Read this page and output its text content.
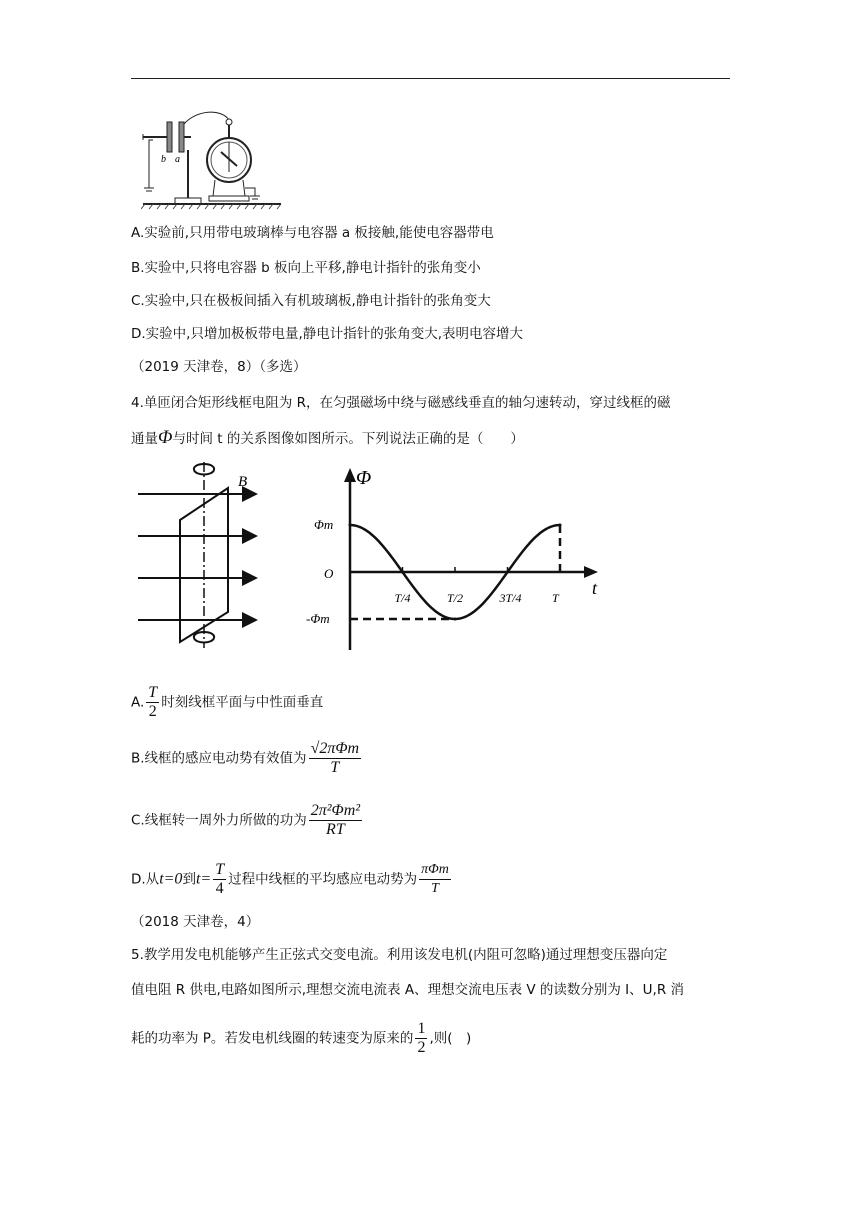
b a
A.实验前,只用带电玻璃棒与电容器 a 板接触,能使电容器带电
B.实验中,只将电容器 b 板向上平移,静电计指针的张角变小
C.实验中,只在极板间插入有机玻璃板,静电计指针的张角变大
D.实验中,只增加极板带电量,静电计指针的张角变大,表明电容增大
（2019 天津卷，8）（多选）
4.单匝闭合矩形线框电阻为 R，在匀强磁场中绕与磁感线垂直的轴匀速转动，穿过线框的磁
通量Φ与时间 t 的关系图像如图所示。下列说法正确的是（　　）
B	Φ
t
Φm
O
-Φm
T/4	T/2	3T/4	T
A. $\frac{T}{2}$ 时刻线框平面与中性面垂直
B.线框的感应电动势有效值为 $\frac{\text{√2πΦm}}{T}$
C.线框转一周外力所做的功为 $\frac{\text{2π²Φm²}}{RT}$
D.从t=0到$t= \frac{T}{4}$ 过程中线框的平均感应电动势为 $\frac{\text{πΦm}}{T}$
（2018 天津卷，4）
5.教学用发电机能够产生正弦式交变电流。利用该发电机(内阻可忽略)通过理想变压器向定
值电阻 R 供电,电路如图所示,理想交流电流表 A、理想交流电压表 V 的读数分别为 I、U,R 消
耗的功率为 P。若发电机线圈的转速变为原来的 $\frac{1}{2}$ ,则(　)
